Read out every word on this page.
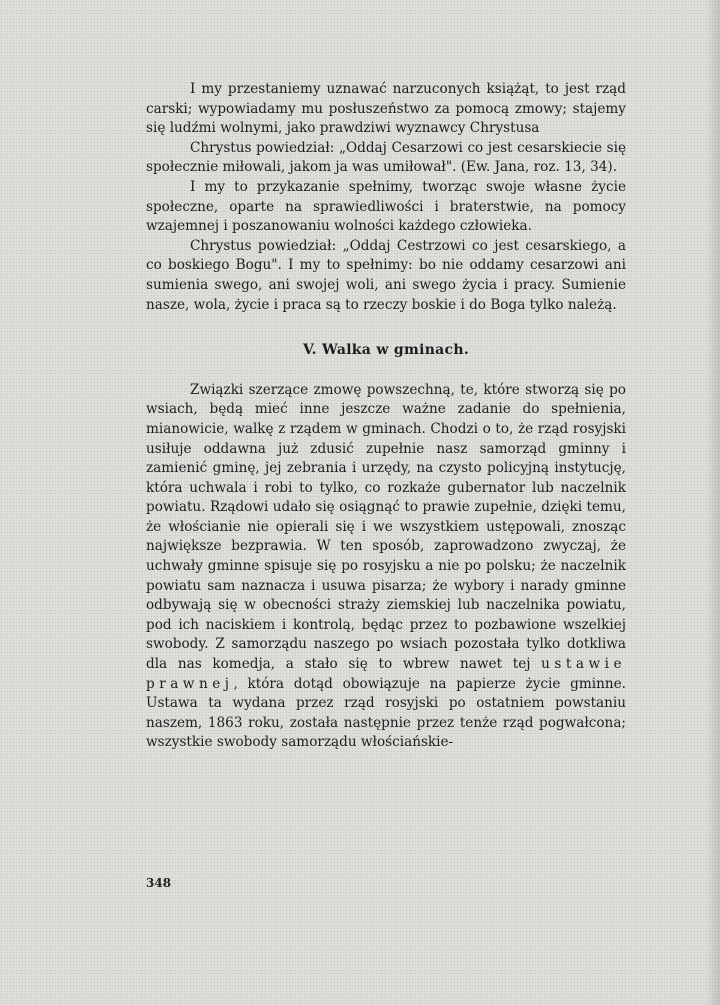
I my przestaniemy uznawać narzuconych książąt, to jest rząd carski; wypowiadamy mu posłuszeństwo za pomocą zmowy; stajemy się ludźmi wolnymi, jako prawdziwi wyznawcy Chrystusa

Chrystus powiedział: „Oddaj Cesarzowi co jest cesarskiecie się społecznie miłowali, jakom ja was umiłował". (Ew. Jana, roz. 13, 34).

I my to przykazanie spełnimy, tworząc swoje własne życie społeczne, oparte na sprawiedliwości i braterstwie, na pomocy wzajemnej i poszanowaniu wolności każdego człowieka.

Chrystus powiedział: „Oddaj Cestrzowi co jest cesarskiego, a co boskiego Bogu". I my to spełnimy: bo nie oddamy cesarzowi ani sumienia swego, ani swojej woli, ani swego życia i pracy. Sumienie nasze, wola, życie i praca są to rzeczy boskie i do Boga tylko należą.

V. Walka w gminach.

Związki szerzące zmowę powszechną, te, które stworzą się po wsiach, będą mieć inne jeszcze ważne zadanie do spełnienia, mianowicie, walkę z rządem w gminach. Chodzi o to, że rząd rosyjski usiłuje oddawna już zdusić zupełnie nasz samorząd gminny i zamienić gminę, jej zebrania i urzędy, na czysto policyjną instytucję, która uchwala i robi to tylko, co rozkaże gubernator lub naczelnik powiatu. Rządowi udało się osiągnąć to prawie zupełnie, dzięki temu, że włościanie nie opierali się i we wszystkiem ustępowali, znosząc największe bezprawia. W ten sposób, zaprowadzono zwyczaj, że uchwały gminne spisuje się po rosyjsku a nie po polsku; że naczelnik powiatu sam naznacza i usuwa pisarza; że wybory i narady gminne odbywają się w obecności straży ziemskiej lub naczelnika powiatu, pod ich naciskiem i kontrolą, będąc przez to pozbawione wszelkiej swobody. Z samorządu naszego po wsiach pozostała tylko dotkliwa dla nas komedja, a stało się to wbrew nawet tej ustawie prawnej, która dotąd obowiązuje na papierze życie gminne. Ustawa ta wydana przez rząd rosyjski po ostatniem powstaniu naszem, 1863 roku, została następnie przez tenże rząd pogwałcona; wszystkie swobody samorządu włościańskie-

348
